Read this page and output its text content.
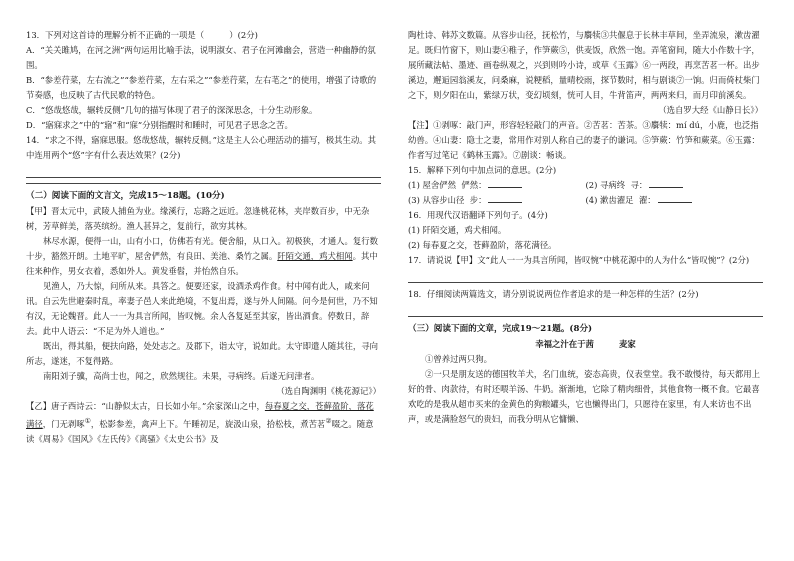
13．下列对这首诗的理解分析不正确的一项是（　　　）(2分)

A．“关关雎鸠，在河之洲”两句运用比喻手法，说明淑女、君子在河滩幽会，营造一种幽静的氛围。

B．“参差荇菜，左右流之”“参差荇菜，左右采之”“参差荇菜，左右芼之”的使用，增强了诗歌的节奏感，也反映了古代民歌的特色。

C．“悠哉悠哉，辗转反侧”几句的描写体现了君子的深深思念，十分生动形象。

D．“寤寐求之”中的“寤”和“寐”分别指醒时和睡时，可见君子思念之苦。

14．“求之不得，寤寐思服。悠哉悠哉，辗转反侧。”这是主人公心理活动的描写，极其生动。其中连用两个“悠”字有什么表达效果？(2分)

（二）阅读下面的文言文，完成15～18题。(10分)

【甲】晋太元中，武陵人捕鱼为业。缘溪行，忘路之远近。忽逢桃花林，夹岸数百步，中无杂树，芳草鲜美，落英缤纷。渔人甚异之，复前行，欲穷其林。

林尽水源，便得一山，山有小口，仿佛若有光。便舍船，从口入。初极狭，才通人。复行数十步，豁然开朗。土地平旷，屋舍俨然，有良田、美池、桑竹之属。阡陌交通，鸡犬相闻。其中往来种作，男女衣着，悉如外人。黄发垂髫，并怡然自乐。

见渔人，乃大惊，问所从来。具答之。便要还家，设酒杀鸡作食。村中闻有此人，咸来问讯。自云先世避秦时乱，率妻子邑人来此绝境，不复出焉，遂与外人间隔。问今是何世，乃不知有汉，无论魏晋。此人一一为具言所闻，皆叹惋。余人各复延至其家，皆出酒食。停数日，辞去。此中人语云：“不足为外人道也。”

既出，得其船，便扶向路，处处志之。及郡下，诣太守，说如此。太守即遣人随其往，寻向所志，遂迷，不复得路。

南阳刘子骥，高尚士也，闻之，欣然规往。未果，寻病终。后遂无问津者。

（选自陶渊明《桃花源记》）

【乙】唐子西诗云：“山静似太古，日长如小年。”余家深山之中，每春夏之交，苍藓盈阶，落花满径，门无剥啄①，松影参差，禽声上下。午睡初足，旋汲山泉，拾松枝，煮苦茗②啜之。随意读《周易》《国风》《左氏传》《离骚》《太史公书》及

陶杜诗、韩苏文数篇。从容步山径，抚松竹，与麛犊③共偃息于长林丰草间，坐弄流泉，漱齿濯足。既归竹窗下，则山妻④稚子，作笋蕨⑤，供麦饭，欣然一饱。弄笔窗间，随大小作数十字，展所藏法帖、墨迹、画卷纵观之，兴到则吟小诗，或草《玉露》⑥一两段，再烹苦茗一杯。出步溪边，邂逅园翁溪友，问桑麻，说粳稻，量晴校雨，探节数时，相与剧谈⑦一饷。归而倚杖柴门之下，则夕阳在山，紫绿万状，变幻顷刻，恍可人目，牛背笛声，两两来归，而月印前溪矣。

（选自罗大经《山静日长》）

【注】①剥啄：敲门声，形容轻轻敲门的声音。②苦茗：苦茶。③麛犊：mí dú，小鹿，也泛指幼兽。④山妻：隐士之妻，常用作对别人称自己的妻子的谦词。⑤笋蕨：竹笋和蕨菜。⑥玉露：作者写过笔记《鹤林玉露》。⑦剧谈：畅谈。

15．解释下列句中加点词的意思。(2分)

(1) 屋舍俨然 俨然：	(2) 寻病终 寻：

(3) 从容步山径 步：	(4) 漱齿濯足 濯：

16．用现代汉语翻译下列句子。(4分)

(1) 阡陌交通，鸡犬相闻。

(2) 每春夏之交，苍藓盈阶，落花满径。

17．请说说【甲】文“此人一一为具言所闻，皆叹惋”中桃花源中的人为什么“皆叹惋”？(2分)

18．仔细阅读两篇选文，请分别说说两位作者追求的是一种怎样的生活？(2分)

（三）阅读下面的文章，完成19～21题。(8分)

幸福之汁在于茜　　　麦家

①曾养过两只狗。

②一只是朋友送的德国牧羊犬，名门血统，姿态高贵，仪表堂堂。我不敢慢待，每天都用上好的骨、肉款待，有时还喂羊汤、牛奶。渐渐地，它除了精肉细骨，其他食物一概不食。它最喜欢吃的是我从超市买来的金黄色的狗粮罐头，它也懒得出门，只愿待在家里，有人来访也不出声，或是满脸怒气的贵妇，而我分明从它慵懒、
